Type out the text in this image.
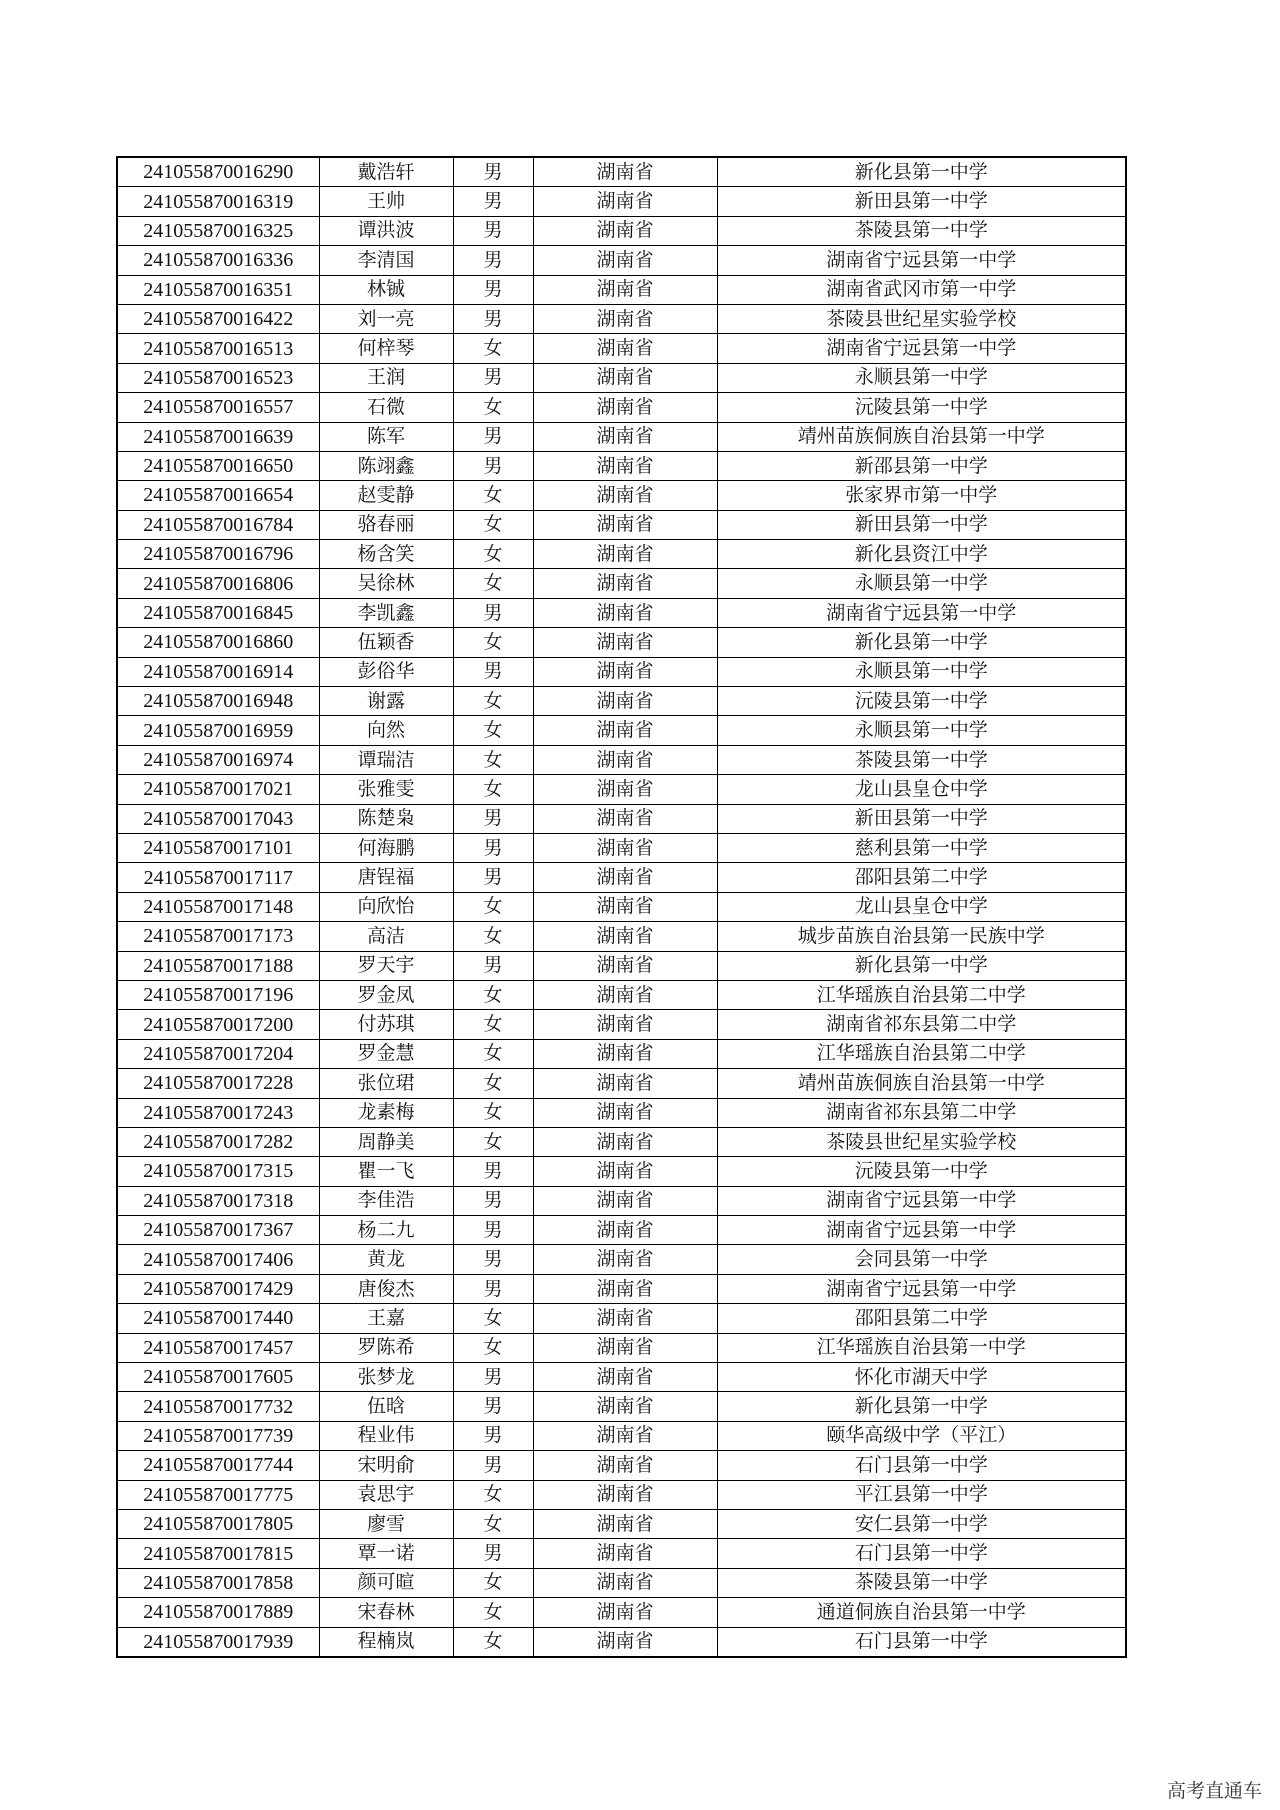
241055870016290	戴浩轩	男	湖南省	新化县第一中学
241055870016319	王帅	男	湖南省	新田县第一中学
241055870016325	谭洪波	男	湖南省	茶陵县第一中学
241055870016336	李清国	男	湖南省	湖南省宁远县第一中学
241055870016351	林铖	男	湖南省	湖南省武冈市第一中学
241055870016422	刘一亮	男	湖南省	茶陵县世纪星实验学校
241055870016513	何梓琴	女	湖南省	湖南省宁远县第一中学
241055870016523	王润	男	湖南省	永顺县第一中学
241055870016557	石微	女	湖南省	沅陵县第一中学
241055870016639	陈军	男	湖南省	靖州苗族侗族自治县第一中学
241055870016650	陈翊鑫	男	湖南省	新邵县第一中学
241055870016654	赵雯静	女	湖南省	张家界市第一中学
241055870016784	骆春丽	女	湖南省	新田县第一中学
241055870016796	杨含笑	女	湖南省	新化县资江中学
241055870016806	吴徐林	女	湖南省	永顺县第一中学
241055870016845	李凯鑫	男	湖南省	湖南省宁远县第一中学
241055870016860	伍颖香	女	湖南省	新化县第一中学
241055870016914	彭俗华	男	湖南省	永顺县第一中学
241055870016948	谢露	女	湖南省	沅陵县第一中学
241055870016959	向然	女	湖南省	永顺县第一中学
241055870016974	谭瑞洁	女	湖南省	茶陵县第一中学
241055870017021	张雅雯	女	湖南省	龙山县皇仓中学
241055870017043	陈楚枭	男	湖南省	新田县第一中学
241055870017101	何海鹏	男	湖南省	慈利县第一中学
241055870017117	唐锃福	男	湖南省	邵阳县第二中学
241055870017148	向欣怡	女	湖南省	龙山县皇仓中学
241055870017173	高洁	女	湖南省	城步苗族自治县第一民族中学
241055870017188	罗天宇	男	湖南省	新化县第一中学
241055870017196	罗金凤	女	湖南省	江华瑶族自治县第二中学
241055870017200	付苏琪	女	湖南省	湖南省祁东县第二中学
241055870017204	罗金慧	女	湖南省	江华瑶族自治县第二中学
241055870017228	张位珺	女	湖南省	靖州苗族侗族自治县第一中学
241055870017243	龙素梅	女	湖南省	湖南省祁东县第二中学
241055870017282	周静美	女	湖南省	茶陵县世纪星实验学校
241055870017315	瞿一飞	男	湖南省	沅陵县第一中学
241055870017318	李佳浩	男	湖南省	湖南省宁远县第一中学
241055870017367	杨二九	男	湖南省	湖南省宁远县第一中学
241055870017406	黄龙	男	湖南省	会同县第一中学
241055870017429	唐俊杰	男	湖南省	湖南省宁远县第一中学
241055870017440	王嘉	女	湖南省	邵阳县第二中学
241055870017457	罗陈希	女	湖南省	江华瑶族自治县第一中学
241055870017605	张梦龙	男	湖南省	怀化市湖天中学
241055870017732	伍晗	男	湖南省	新化县第一中学
241055870017739	程业伟	男	湖南省	颐华高级中学（平江）
241055870017744	宋明俞	男	湖南省	石门县第一中学
241055870017775	袁思宇	女	湖南省	平江县第一中学
241055870017805	廖雪	女	湖南省	安仁县第一中学
241055870017815	覃一诺	男	湖南省	石门县第一中学
241055870017858	颜可暄	女	湖南省	茶陵县第一中学
241055870017889	宋春林	女	湖南省	通道侗族自治县第一中学
241055870017939	程楠岚	女	湖南省	石门县第一中学
高考直通车
